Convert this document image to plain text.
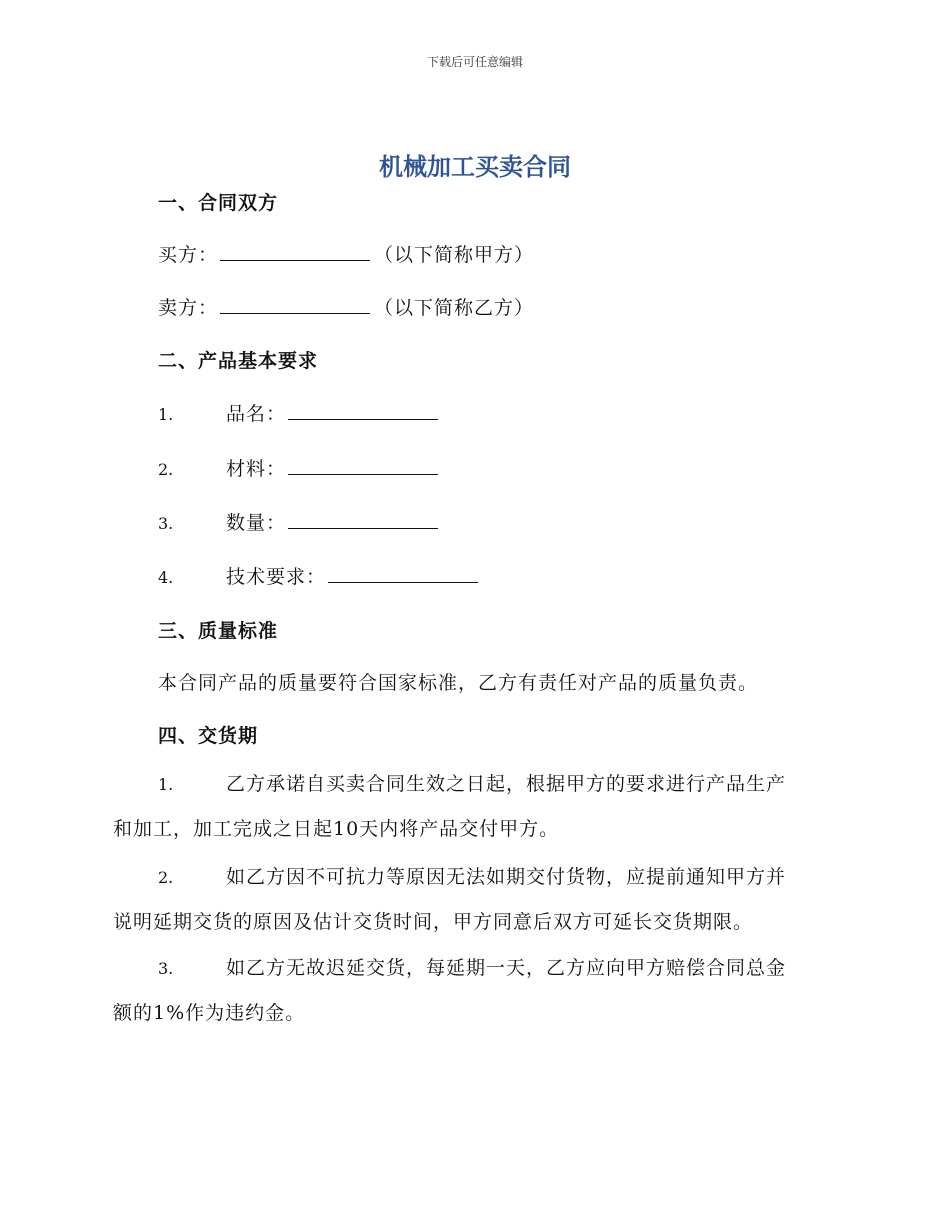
下载后可任意编辑
机械加工买卖合同
一、合同双方
买方：	（以下简称甲方）
卖方：	（以下简称乙方）
二、产品基本要求
1.	品名：
2.	材料：
3.	数量：
4.	技术要求：
三、质量标准
本合同产品的质量要符合国家标准，乙方有责任对产品的质量负责。
四、交货期
1.	乙方承诺自买卖合同生效之日起，根据甲方的要求进行产品生产
和加工，加工完成之日起10天内将产品交付甲方。
2.	如乙方因不可抗力等原因无法如期交付货物，应提前通知甲方并
说明延期交货的原因及估计交货时间，甲方同意后双方可延长交货期限。
3.	如乙方无故迟延交货，每延期一天，乙方应向甲方赔偿合同总金
额的1%作为违约金。
